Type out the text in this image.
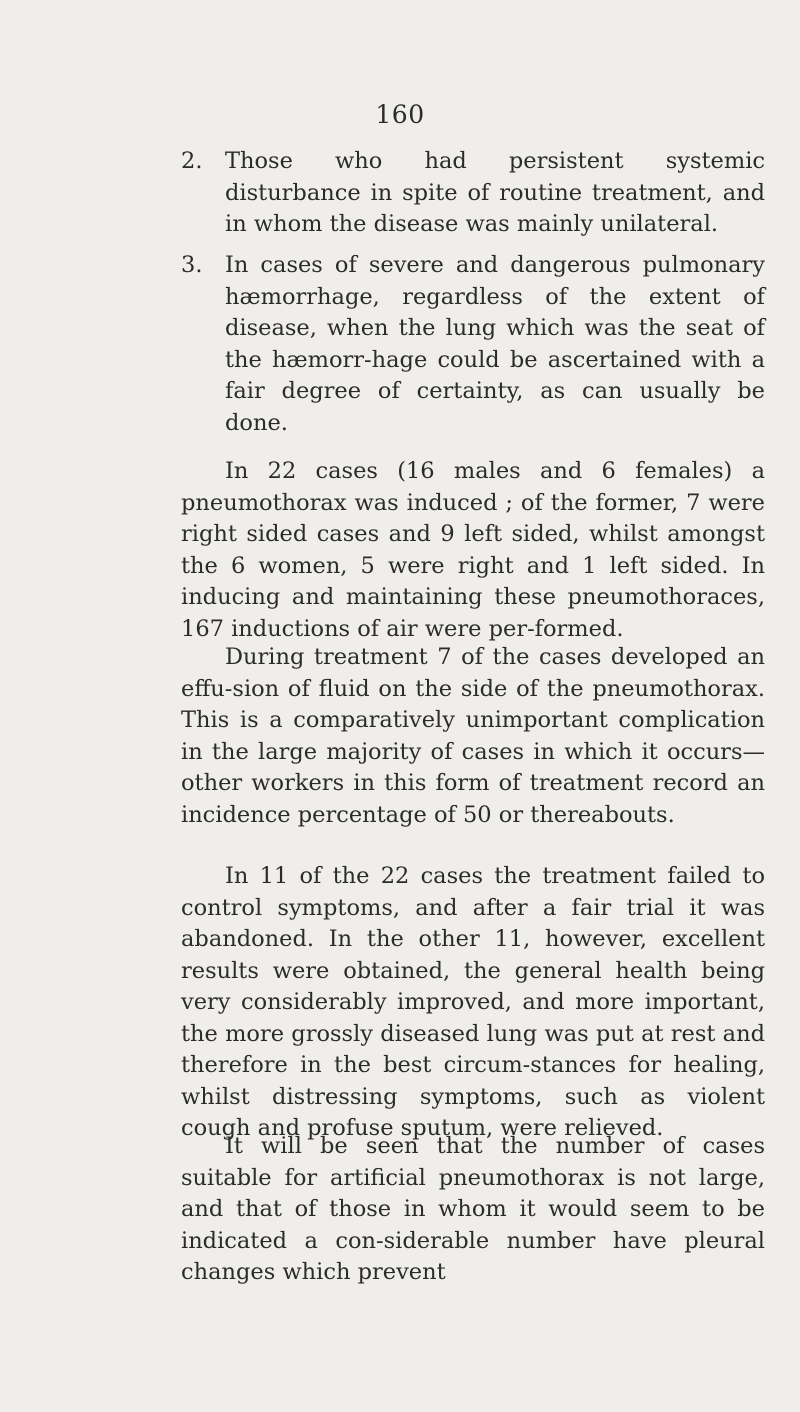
160
2. Those who had persistent systemic disturbance in spite of routine treatment, and in whom the disease was mainly unilateral.

3. In cases of severe and dangerous pulmonary hæmorrhage, regardless of the extent of disease, when the lung which was the seat of the hæmorr-hage could be ascertained with a fair degree of certainty, as can usually be done.

In 22 cases (16 males and 6 females) a pneumothorax was induced ; of the former, 7 were right sided cases and 9 left sided, whilst amongst the 6 women, 5 were right and 1 left sided. In inducing and maintaining these pneumothoraces, 167 inductions of air were per-formed.

During treatment 7 of the cases developed an effu-sion of fluid on the side of the pneumothorax. This is a comparatively unimportant complication in the large majority of cases in which it occurs—other workers in this form of treatment record an incidence percentage of 50 or thereabouts.

In 11 of the 22 cases the treatment failed to control symptoms, and after a fair trial it was abandoned. In the other 11, however, excellent results were obtained, the general health being very considerably improved, and more important, the more grossly diseased lung was put at rest and therefore in the best circum-stances for healing, whilst distressing symptoms, such as violent cough and profuse sputum, were relieved.

It will be seen that the number of cases suitable for artificial pneumothorax is not large, and that of those in whom it would seem to be indicated a con-siderable number have pleural changes which prevent
